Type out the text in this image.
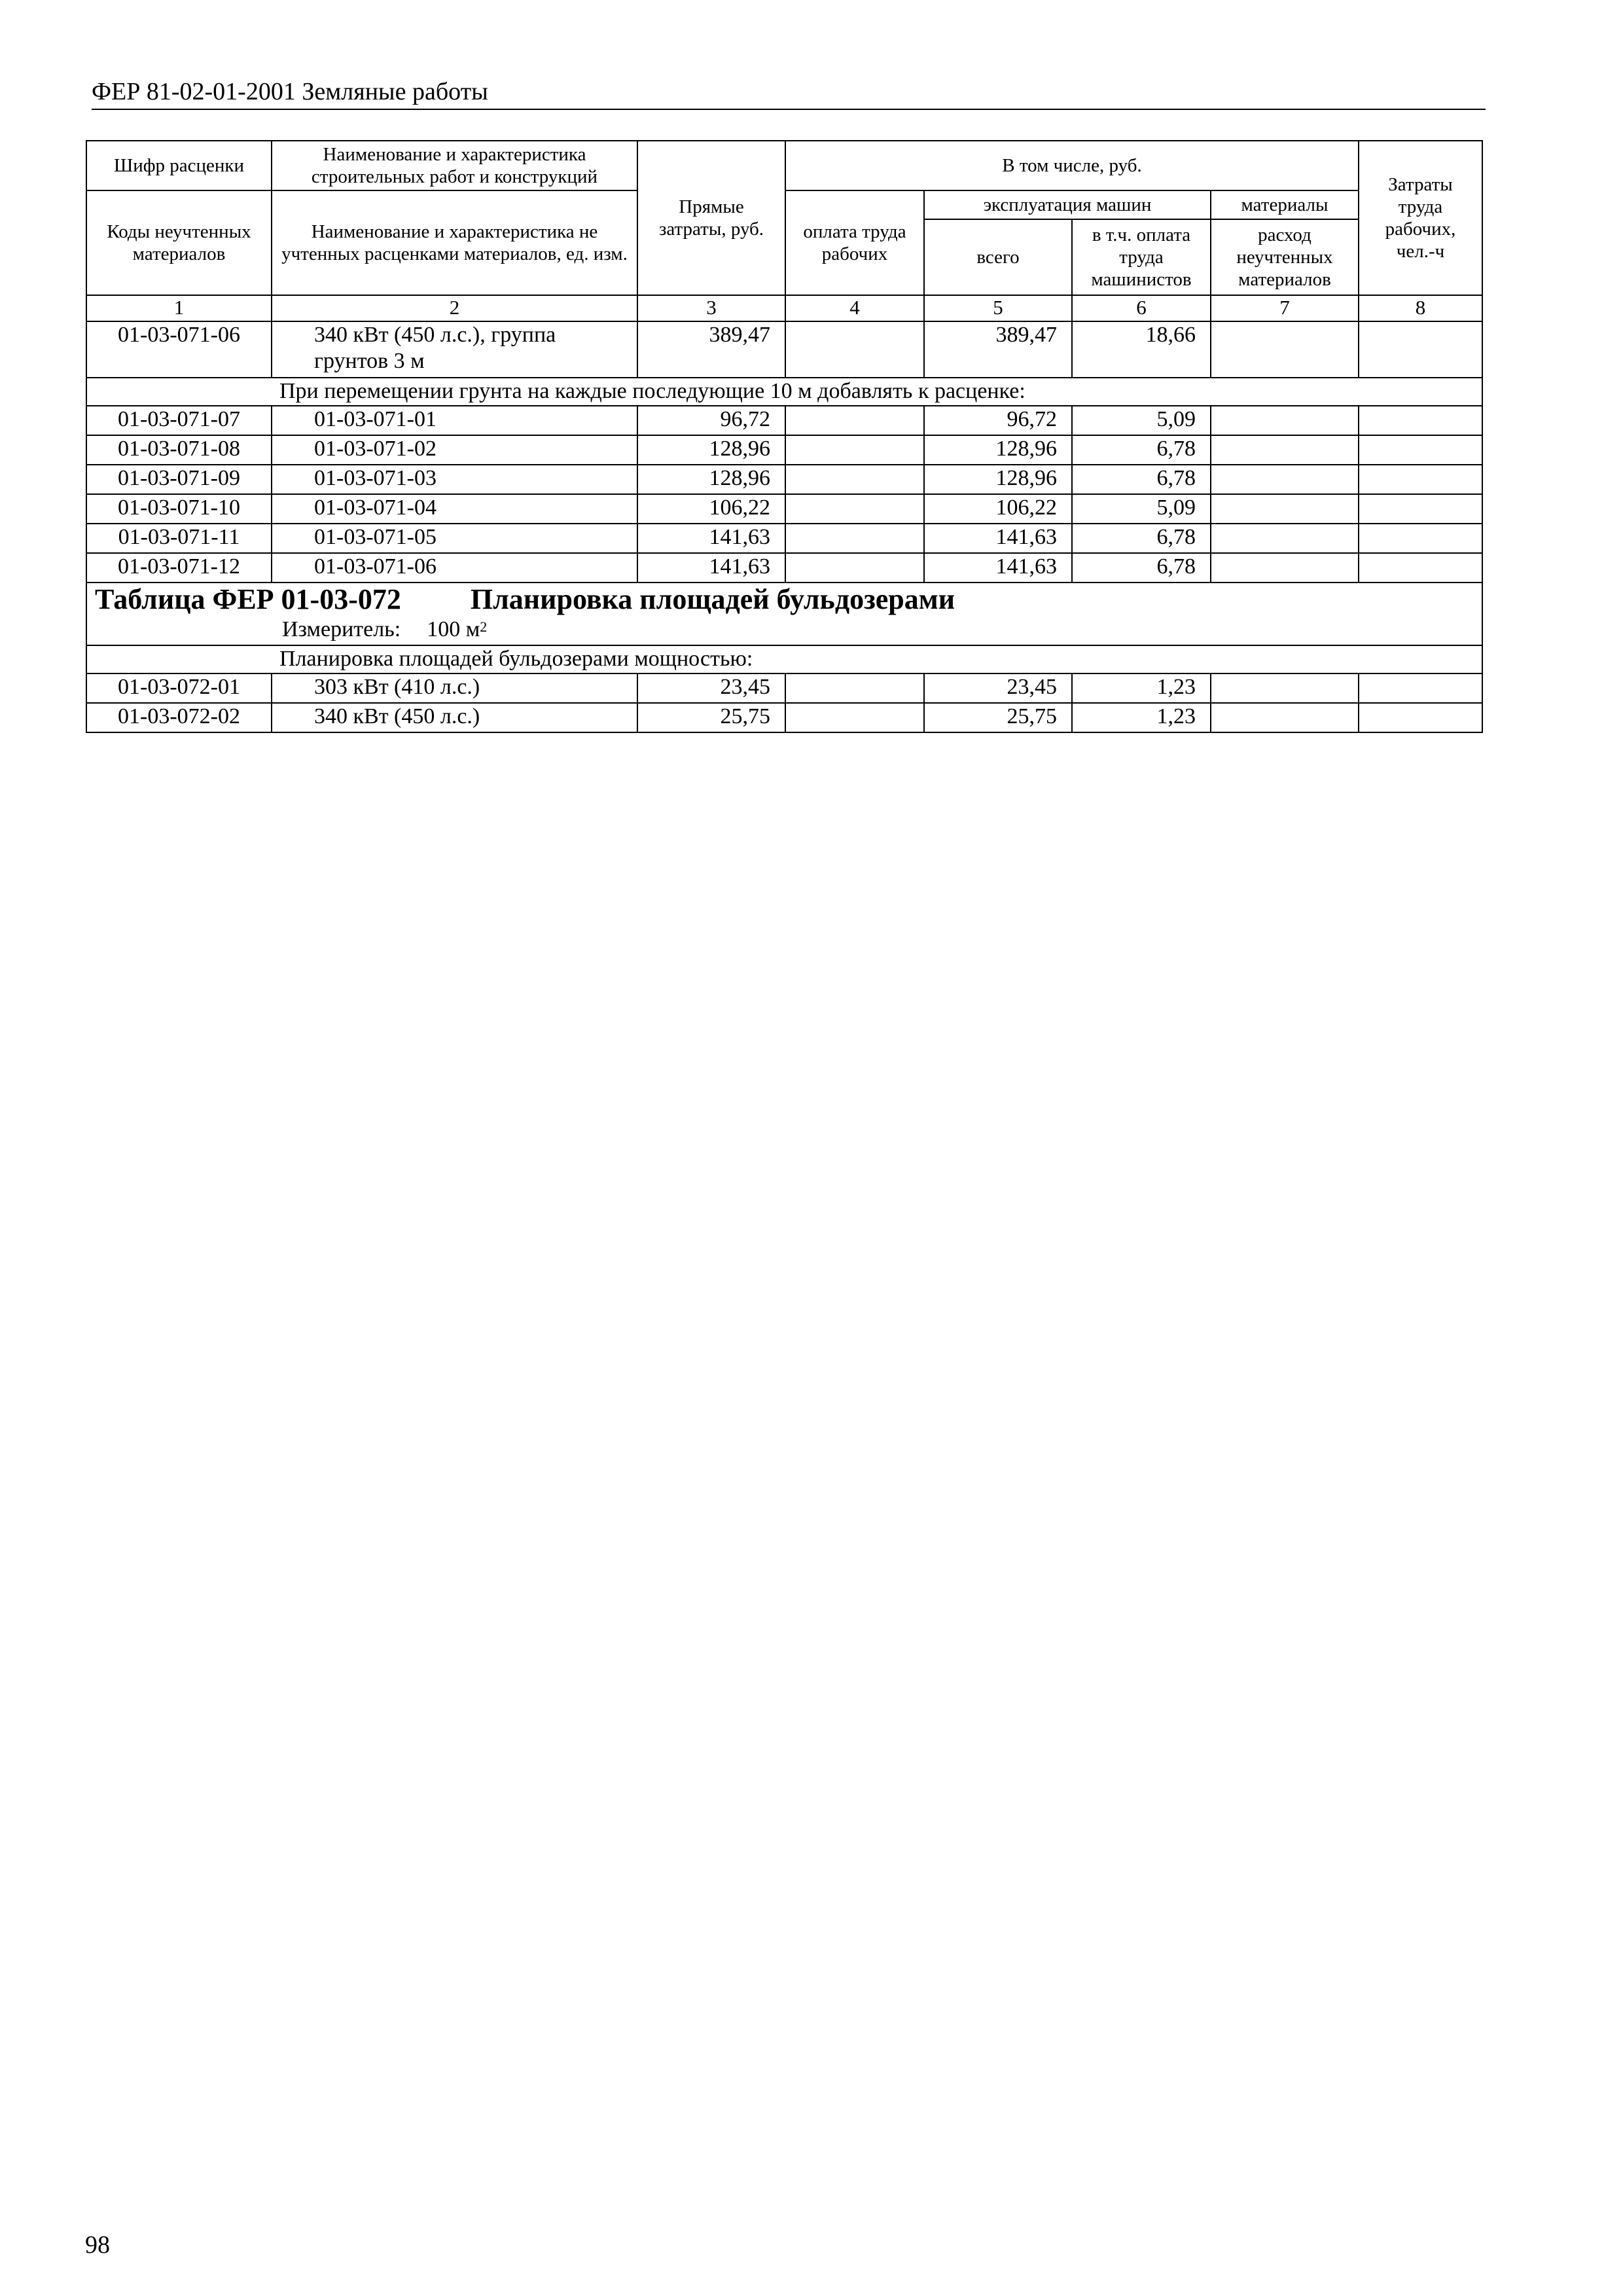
ФЕР 81-02-01-2001 Земляные работы
Шифр расценки	Наименование и характеристика строительных работ и конструкций	Прямые затраты, руб.	В том числе, руб.				Затраты труда рабочих, чел.-ч
Коды неучтенных материалов	Наименование и характеристика не учтенных расценками материалов, ед. изм.		оплата труда рабочих	эксплуатация машин		материалы	
				всего	в т.ч. оплата труда машинистов	расход неучтенных материалов	
1	2	3	4	5	6	7	8
01-03-071-06	340 кВт (450 л.с.), группа грунтов 3 м	389,47		389,47	18,66		
При перемещении грунта на каждые последующие 10 м добавлять к расценке:							
01-03-071-07	01-03-071-01	96,72		96,72	5,09		
01-03-071-08	01-03-071-02	128,96		128,96	6,78		
01-03-071-09	01-03-071-03	128,96		128,96	6,78		
01-03-071-10	01-03-071-04	106,22		106,22	5,09		
01-03-071-11	01-03-071-05	141,63		141,63	6,78		
01-03-071-12	01-03-071-06	141,63		141,63	6,78		

Таблица ФЕР 01-03-072 Планировка площадей бульдозерами
Измеритель: 100 $м^2$

Планировка площадей бульдозерами мощностью:							
01-03-072-01	303 кВт (410 л.с.)	23,45		23,45	1,23		
01-03-072-02	340 кВт (450 л.с.)	25,75		25,75	1,23		
98
